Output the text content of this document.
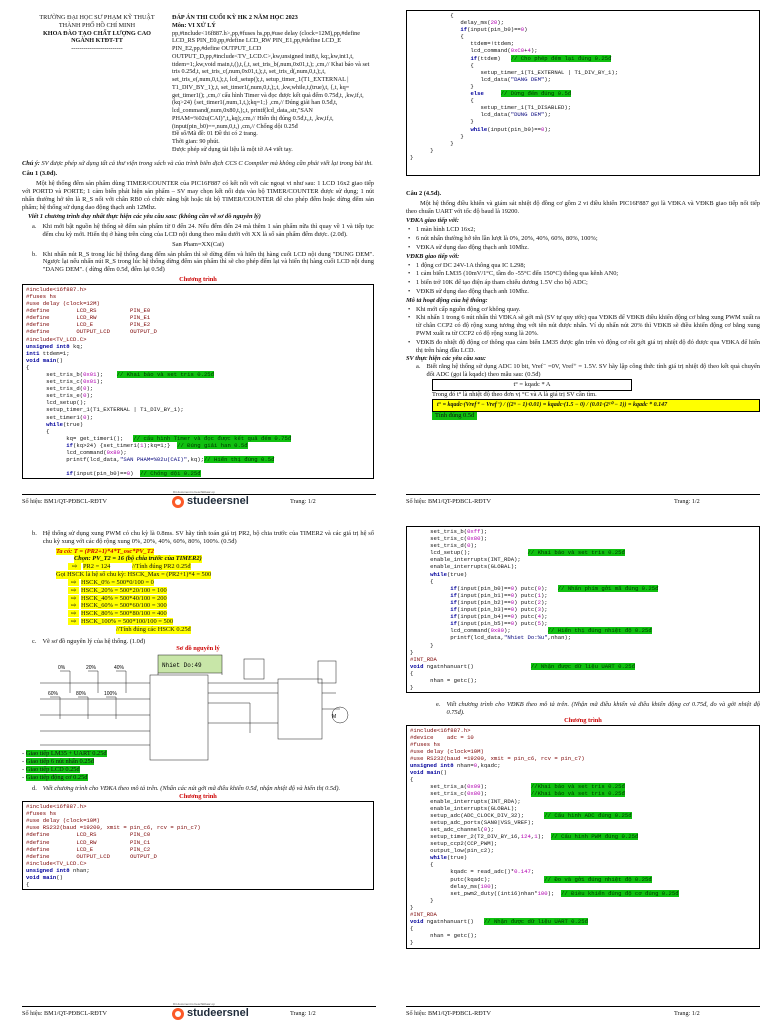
TRƯỜNG ĐẠI HỌC SƯ PHẠM KỸ THUẬT
THÀNH PHỐ HỒ CHÍ MINH
KHOA ĐÀO TẠO CHẤT LƯỢNG CAO
NGÀNH KTĐT-TT
-------------------------
ĐÁP ÁN THI CUỐI KỲ HK 2 NĂM HỌC 2023
Môn: VI XỬ LÝ
pp,#include<16f887.h>,pp,#fuses hs,pp,#use delay (clock=12M),pp,#define LCD_RS PIN_E0,pp,#define LCD_RW PIN_E1,pp,#define LCD_E PIN_E2,pp,#define OUTPUT_LCD OUTPUT_D,pp,#include<TV_LCD.C>,kw,unsigned int8,t, kq;,kw,int1,t, ttdem=1;,kw,void main,t,(),t,{,t, set_tris_b(,num,0x01,t,); ,cm,// Khai báo và set tris 0.25đ,t, set_tris_c(,num,0x01,t,);,t, set_tris_d(,num,0,t,);,t, set_tris_e(,num,0,t,);,t, lcd_setup();,t, setup_timer_1(T1_EXTERNAL | T1_DIV_BY_1);,t, set_timer1(,num,0,t,);,t, ,kw,while,t,(true),t, {,t, kq= get_timer1(); ,cm,// cấu hình Timer và đọc được kết quả đếm 0.75đ,t, ,kw,if,t,(kq>24) {set_timer1(,num,1,t,);kq=1;} ,cm,// Đúng giải han 0.5đ,t, lcd_command(,num,0x80,t,);,t, printf(lcd_data,,str,"SAN PHAM=%02u(CAI)",t,,kq);,cm,// Hiển thị đúng 0.5đ,t,,t, ,kw,if,t,(input(pin_b0)==,num,0,t,) ,cm,// Chống dội 0.25đ
Đề số/Mã đề: 01 Đề thi có 2 trang.
Thời gian: 90 phút.
Được phép sử dụng tài liệu là một tờ A4 viết tay.
Chú ý: SV được phép sử dụng tất cả thư viện trong sách và của trình biên dịch CCS C Compiler mà không cần phải viết lại trong bài thi.
Câu 1 (3.0đ).
Một hệ thống đếm sản phẩm dùng TIMER/COUNTER của PIC16F887 có kết nối với các ngoại vi như sau: 1 LCD 16x2 giao tiếp với PORTD và PORTE; 1 cảm biến phát hiện sản phẩm – SV may chọn kết nối dựa vào bộ TIMER/COUNTER được sử dụng; 1 nút nhấn thường hở tên là R_S nối với chân RB0 có chức năng bật hoặc tắt bộ TIMER/COUNTER để cho phép đếm hoặc dừng đếm sản phẩm; hệ thống sử dụng dao động thạch anh 12Mhz.
Viết 1 chương trình duy nhất thực hiện các yêu cầu sau: (không cần vẽ sơ đồ nguyên lý)
a. Khi mới bật nguồn hệ thống sẽ đếm sản phẩm từ 0 đến 24. Nếu đếm đến 24 mà thêm 1 sản phẩm nữa thì quay về 1 và tiếp tục đếm chu kỳ mới. Hiển thị ở hàng trên cùng của LCD nội dung theo mẫu dưới với XX là số sản phẩm đếm được. (2.0đ).
San Pham=XX(Cai)
b. Khi nhấn nút R_S trong lúc hệ thống đang đếm sản phẩm thì sẽ dừng đếm và hiển thị hàng cuối LCD nội dung "DUNG DEM". Ngược lại nếu nhấn nút R_S trong lúc hệ thống dừng đếm sản phẩm thì sẽ cho phép đếm lại và hiển thị hàng cuối LCD nội dung "DANG DEM". ( dừng đếm 0.5đ, đếm lại 0.5đ)
Chương trình
#include<16f887.h>
#fuses hs
#use delay (clock=12M)
#define        LCD_RS          PIN_E0
#define        LCD_RW          PIN_E1
#define        LCD_E           PIN_E2
#define        OUTPUT_LCD      OUTPUT_D
#include<TV_LCD.C>
unsigned int8 kq;
int1 ttdem=1;
void main()
{
set_tris_b(0x01);    // Khai báo và set tris 0.25đ
set_tris_c(0x01);
set_tris_d(0);
set_tris_e(0);
lcd_setup();
setup_timer_1(T1_EXTERNAL | T1_DIV_BY_1);
set_timer1(0);
while(true)
{
kq= get_timer1();   // cấu hình Timer và đọc được kết quả đếm 0.75đ
if(kq>24) {set_timer1(1);kq=1;}  // Đúng giải han 0.5đ
lcd_command(0x80);
printf(lcd_data,"SAN PHAM=%02u(CAI)",kq);// Hiển thị đúng 0.5đ

if(input(pin_b0)==0)  // Chống dội 0.25đ
Số hiệu: BM1/QT-PĐBCL-RĐTV
Dit document is beschikbaar op
studeersnel	Trang: 1/2
{
delay_ms(20);
if(input(pin_b0)==0)
{
ttdem=!ttdem;
lcd_command(0xC0+4);
if(ttdem)   // Cho phép đếm lại đúng 0.25đ
{
setup_timer_1(T1_EXTERNAL | T1_DIV_BY_1);
lcd_data("DANG DEM");
}
else	// Dừng đếm đúng 0.5đ
{
setup_timer_1(T1_DISABLED);
lcd_data("DUNG DEM");
}
while(input(pin_b0)==0);
}
}
}
}
Câu 2 (4.5đ).
Một hệ thống điều khiển và giám sát nhiệt độ đồng cơ gồm 2 vi điều khiển PIC16F887 gọi là VĐKA và VĐKB giao tiếp nối tiếp theo chuẩn UART với tốc độ baud là 19200.
VĐKA giao tiếp với:
• 1 màn hình LCD 16x2;
• 6 nút nhấn thường hở tên lần lượt là 0%, 20%, 40%, 60%, 80%, 100%;
• VĐKA sử dụng dao động thạch anh 10Mhz.
VĐKB giao tiếp với:
• 1 động cơ DC 24V-1A thông qua IC L298;
• 1 cảm biến LM35 (10mV/1°C, tầm đo -55°C đến 150°C) thông qua kênh AN0;
• 1 biến trở 10K để tạo điện áp tham chiếu dương 1.5V cho bộ ADC;
• VĐKB sử dụng dao động thạch anh 10Mhz.
Mô tả hoạt động của hệ thống:
• Khi mới cấp nguồn động cơ không quay.
• Khi nhấn 1 trong 6 nút nhấn thì VĐKA sẽ gởi mã (SV tự quy ước) qua VĐKB để VĐKB điều khiển động cơ bằng xung PWM xuất ra từ chân CCP2 có độ rộng xung tương ứng với tên nút được nhấn. Ví dụ nhấn nút 20% thì VĐKB sẽ điều khiển động cơ bằng xung PWM xuất ra từ CCP2 có độ rộng xung là 20%.
• VĐKB đo nhiệt độ động cơ thông qua cảm biến LM35 được gắn trên vỏ động cơ rồi gởi giá trị nhiệt độ đó được qua VĐKA để hiển thị trên hàng đầu LCD.
SV thực hiện các yêu cầu sau:
a. Biết rằng hệ thống sử dụng ADC 10 bit, Vref⁻ =0V, Vref⁺ = 1.5V. SV hãy lập công thức tính giá trị nhiệt độ theo kết quả chuyển đổi ADC (gọi là kqadc) theo mẫu sau: (0.5đ)
t° = kqadc * A
Trong đó t° là nhiệt độ theo đơn vị °C và A là giá trị SV cần tìm.
t° = kqadc·(Vref⁺ − Vref⁻) / ((2ⁿ − 1)·0.01) = kqadc·(1.5 − 0) / (0.01·(2¹⁰ − 1)) = kqadc * 0.147
Tính đúng 0.5đ
Số hiệu: BM1/QT-PĐBCL-RĐTV	Trang: 1/2
b. Hệ thống sử dụng xung PWM có chu kỳ là 0.8ms. SV hãy tính toán giá trị PR2, bộ chia trước của TIMER2 và các giá trị hệ số chu kỳ xung với các độ rộng xung 0%, 20%, 40%, 60%, 80%, 100%. (0.5đ)
Ta có: T = (PR2+1)*4*T_osc*PV_T2
Chọn: PV_T2 = 16 (bộ chia trước của TIMER2)
⇨ PR2 = 124	//Tính đúng PR2 0.25đ
Gọi HSCK là hệ số chu kỳ: HSCK_Max = (PR2+1)*4 = 500
⇨ HSCK_0% = 500*0/100 = 0
⇨ HSCK_20% = 500*20/100 = 100
⇨ HSCK_40% = 500*40/100 = 200
⇨ HSCK_60% = 500*60/100 = 300
⇨ HSCK_80% = 500*80/100 = 400
⇨ HSCK_100% = 500*100/100 = 500
//Tính đúng các HSCK 0.25đ
c. Vẽ sơ đồ nguyên lý của hệ thống. (1.0đ)
Sơ đồ nguyên lý
0%	20%	40%
60%	80%	100%
Nhiet Do:49
M
- Giao tiếp LM35 + UART 0.25đ
- Giao tiếp 6 nút nhấn 0.25đ
- Giao tiếp LCD 0.25đ
- Giao tiếp động cơ 0.25đ
d. Viết chương trình cho VĐKA theo mô tả trên. (Nhấn các nút gởi mã điều khiển 0.5đ, nhận nhiệt độ và hiển thị 0.5đ).
Chương trình
#include<16f887.h>
#fuses hs
#use delay (clock=10M)
#use RS232(baud =19200, xmit = pin_c6, rcv = pin_c7)
#define        LCD_RS          PIN_C0
#define        LCD_RW          PIN_C1
#define        LCD_E           PIN_C2
#define        OUTPUT_LCD      OUTPUT_D
#include<TV_LCD.C>
unsigned int8 nhan;
void main()
{
Số hiệu: BM1/QT-PĐBCL-RĐTV
Dit document is beschikbaar op
studeersnel	Trang: 1/2
set_tris_b(0xff);
set_tris_c(0x80);
set_tris_d(0);
lcd_setup();                 // Khai báo và set tris 0.25đ
enable_interrupts(INT_RDA);
enable_interrupts(GLOBAL);
while(true)
{
if(input(pin_b0)==0) putc(0);   // Nhấn phím gởi mã đúng 0.25đ
if(input(pin_b1)==0) putc(1);
if(input(pin_b2)==0) putc(2);
if(input(pin_b3)==0) putc(3);
if(input(pin_b4)==0) putc(4);
if(input(pin_b5)==0) putc(5);
lcd_command(0x80);           // Hiển thị đúng nhiệt độ 0.25đ
printf(lcd_data,"Nhiet Do:%u",nhan);
}
}
#INT_RDA
void ngatnhanuart()                 // Nhận được dữ liệu UART 0.25đ
{
nhan = getc();
}
e. Viết chương trình cho VĐKB theo mô tả trên. (Nhận mã điều khiển và điều khiển động cơ 0.75đ, đo và gởi nhiệt độ 0.75đ).
Chương trình
#include<16f887.h>
#device    adc = 10
#fuses hs
#use delay (clock=10M)
#use RS232(baud =19200, xmit = pin_c6, rcv = pin_c7)
unsigned int8 nhan=0,kqadc;
void main()
{
set_tris_a(0x09);             //Khai báo và set tris 0.25đ
set_tris_c(0x80);             //Khai báo và set tris 0.25đ
enable_interrupts(INT_RDA);
enable_interrupts(GLOBAL);
setup_adc(ADC_CLOCK_DIV_32);      // Cấu hình ADC đúng 0.25đ
setup_adc_ports(SAN0|VSS_VREF);
set_adc_channel(0);
setup_timer_2(T2_DIV_BY_16,124,1);  // Cấu hình PWM đúng 0.25đ
setup_ccp2(CCP_PWM);
output_low(pin_c2);
while(true)
{
kqadc = read_adc()*0.147;
putc(kqadc);                // Đo và gởi đúng nhiệt độ 0.25đ
delay_ms(100);
set_pwm2_duty((int16)nhan*100);  // Điều khiển đúng độ cơ đúng 0.25đ
}
}
#INT_RDA
void ngatnhanuart()   // Nhận được dữ liệu UART 0.25đ
{
nhan = getc();
}
Số hiệu: BM1/QT-PĐBCL-RĐTV	Trang: 1/2
